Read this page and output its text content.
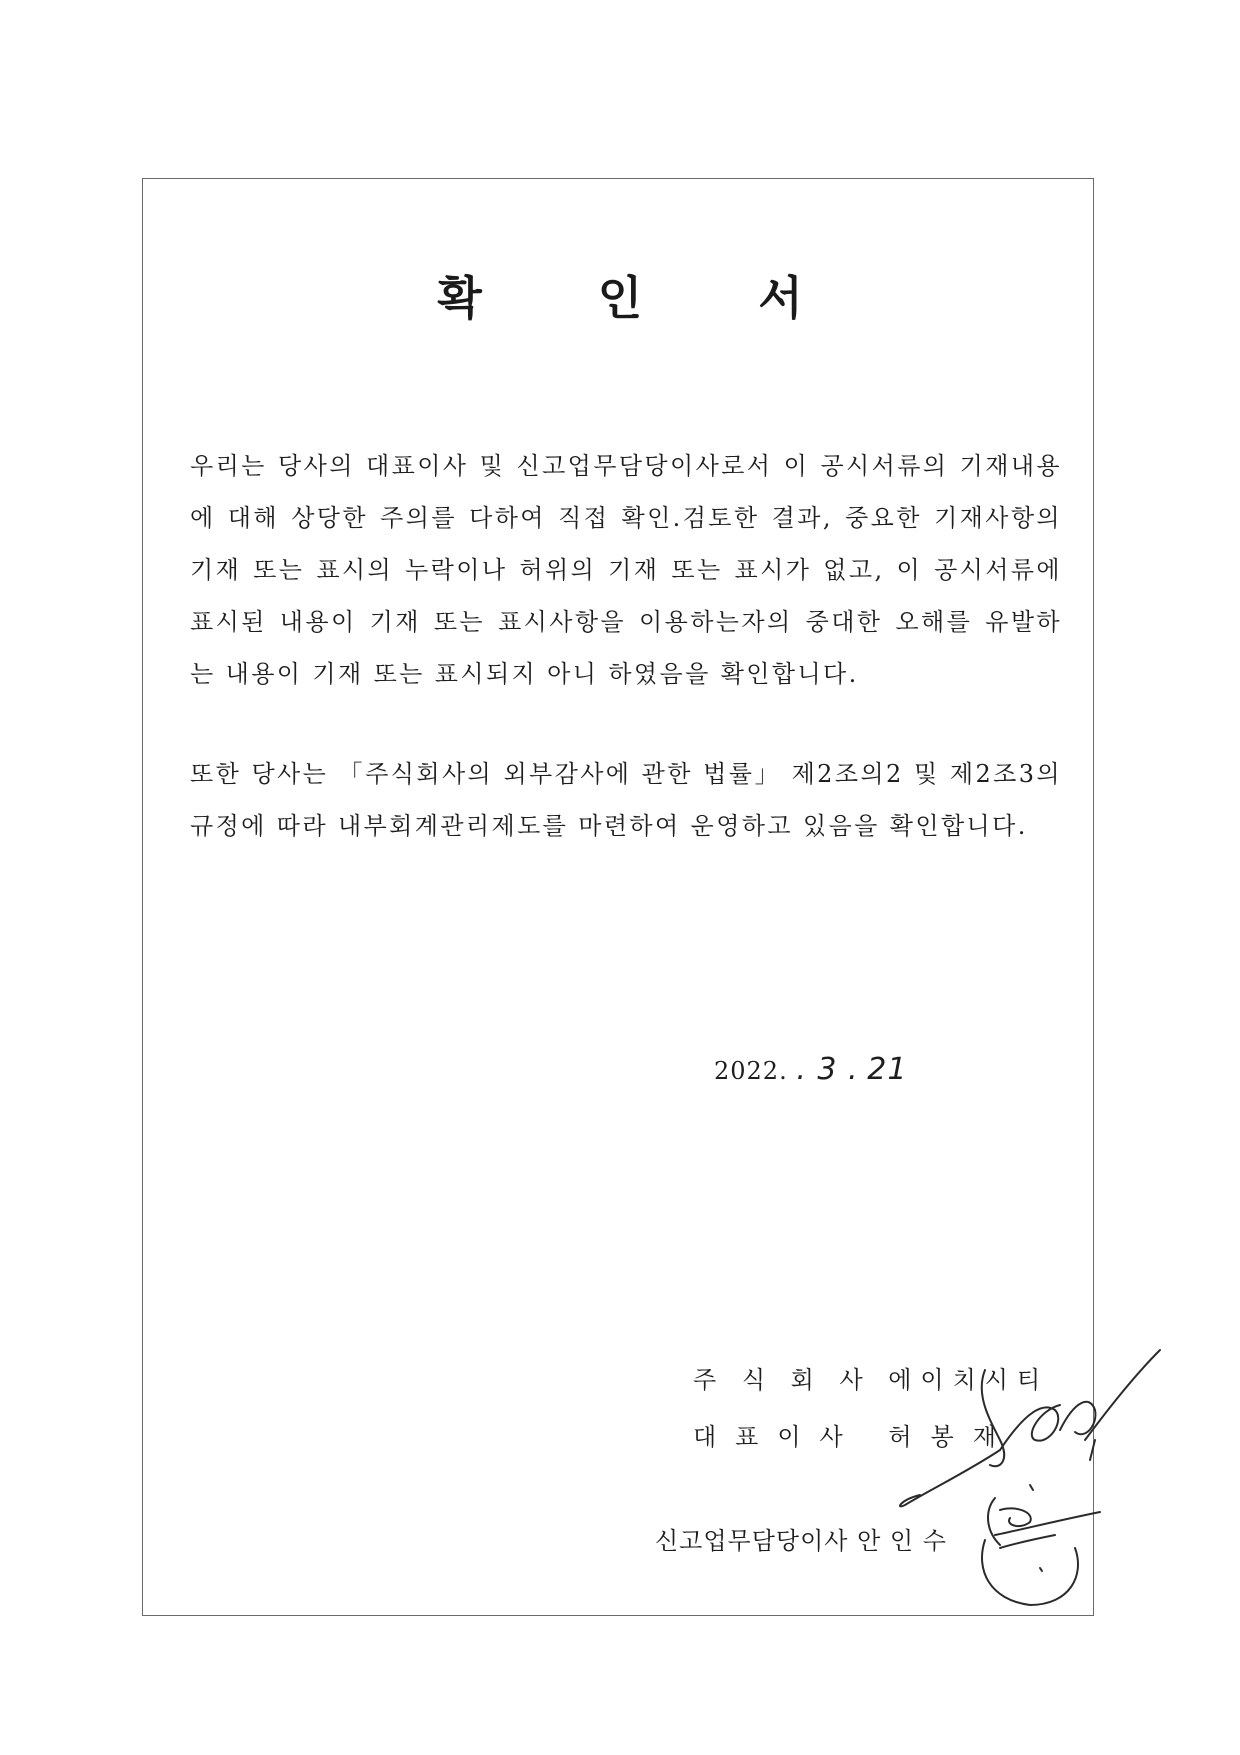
확 인 서

우리는 당사의 대표이사 및 신고업무담당이사로서 이 공시서류의 기재내용에 대해 상당한 주의를 다하여 직접 확인.검토한 결과, 중요한 기재사항의 기재 또는 표시의 누락이나 허위의 기재 또는 표시가 없고, 이 공시서류에 표시된 내용이 기재 또는 표시사항을 이용하는자의 중대한 오해를 유발하는 내용이 기재 또는 표시되지 아니 하였음을 확인합니다.

또한 당사는 「주식회사의 외부감사에 관한 법률」 제2조의2 및 제2조3의 규정에 따라 내부회계관리제도를 마련하여 운영하고 있음을 확인합니다.

2022. . 3 . 21
주 식 회 사 에이치시티
대표이사 허봉재
신고업무담당이사 안 인 수
